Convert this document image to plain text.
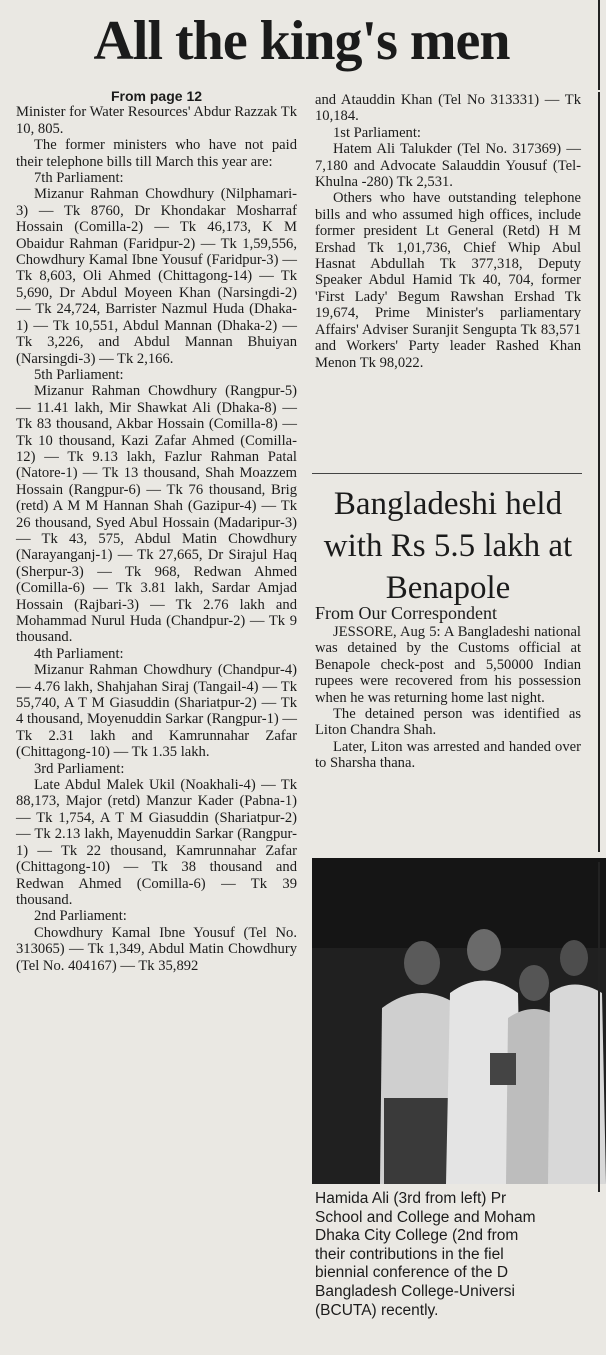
All the king's men

From page 12

Minister for Water Resources' Abdur Razzak Tk 10, 805.

The former ministers who have not paid their telephone bills till March this year are:

7th Parliament:

Mizanur Rahman Chowdhury (Nilphamari-3) — Tk 8760, Dr Khondakar Mosharraf Hossain (Comilla-2) — Tk 46,173, K M Obaidur Rahman (Faridpur-2) — Tk 1,59,556, Chowdhury Kamal Ibne Yousuf (Faridpur-3) — Tk 8,603, Oli Ahmed (Chittagong-14) — Tk 5,690, Dr Abdul Moyeen Khan (Narsingdi-2) — Tk 24,724, Barrister Nazmul Huda (Dhaka-1) — Tk 10,551, Abdul Mannan (Dhaka-2) — Tk 3,226, and Abdul Mannan Bhuiyan (Narsingdi-3) — Tk 2,166.

5th Parliament:

Mizanur Rahman Chowdhury (Rangpur-5) — 11.41 lakh, Mir Shawkat Ali (Dhaka-8) — Tk 83 thousand, Akbar Hossain (Comilla-8) — Tk 10 thousand, Kazi Zafar Ahmed (Comilla-12) — Tk 9.13 lakh, Fazlur Rahman Patal (Natore-1) — Tk 13 thousand, Shah Moazzem Hossain (Rangpur-6) — Tk 76 thousand, Brig (retd) A M M Hannan Shah (Gazipur-4) — Tk 26 thousand, Syed Abul Hossain (Madaripur-3) — Tk 43, 575, Abdul Matin Chowdhury (Narayanganj-1) — Tk 27,665, Dr Sirajul Haq (Sherpur-3) — Tk 968, Redwan Ahmed (Comilla-6) — Tk 3.81 lakh, Sardar Amjad Hossain (Rajbari-3) — Tk 2.76 lakh and Mohammad Nurul Huda (Chandpur-2) — Tk 9 thousand.

4th Parliament:

Mizanur Rahman Chowdhury (Chandpur-4) — 4.76 lakh, Shahjahan Siraj (Tangail-4) — Tk 55,740, A T M Giasuddin (Shariatpur-2) — Tk 4 thousand, Moyenuddin Sarkar (Rangpur-1) — Tk 2.31 lakh and Kamrunnahar Zafar (Chittagong-10) — Tk 1.35 lakh.

3rd Parliament:

Late Abdul Malek Ukil (Noakhali-4) — Tk 88,173, Major (retd) Manzur Kader (Pabna-1) — Tk 1,754, A T M Giasuddin (Shariatpur-2) — Tk 2.13 lakh, Mayenuddin Sarkar (Rangpur-1) — Tk 22 thousand, Kamrunnahar Zafar (Chittagong-10) — Tk 38 thousand and Redwan Ahmed (Comilla-6) — Tk 39 thousand.

2nd Parliament:

Chowdhury Kamal Ibne Yousuf (Tel No. 313065) — Tk 1,349, Abdul Matin Chowdhury (Tel No. 404167) — Tk 35,892

and Atauddin Khan (Tel No 313331) — Tk 10,184.

1st Parliament:

Hatem Ali Talukder (Tel No. 317369) — 7,180 and Advocate Salauddin Yousuf (Tel-Khulna -280) Tk 2,531.

Others who have outstanding telephone bills and who assumed high offices, include former president Lt General (Retd) H M Ershad Tk 1,01,736, Chief Whip Abul Hasnat Abdullah Tk 377,318, Deputy Speaker Abdul Hamid Tk 40, 704, former 'First Lady' Begum Rawshan Ershad Tk 19,674, Prime Minister's parliamentary Affairs' Adviser Suranjit Sengupta Tk 83,571 and Workers' Party leader Rashed Khan Menon Tk 98,022.

Bangladeshi held with Rs 5.5 lakh at Benapole
From Our Correspondent

JESSORE, Aug 5: A Bangladeshi national was detained by the Customs official at Benapole check-post and 5,50000 Indian rupees were recovered from his possession when he was returning home last night.

The detained person was identified as Liton Chandra Shah.

Later, Liton was arrested and handed over to Sharsha thana.

Hamida Ali (3rd from left) Pr

School and College and Moham

Dhaka City College (2nd from

their contributions in the fiel

biennial conference of the D

Bangladesh College-Universi

(BCUTA) recently.
